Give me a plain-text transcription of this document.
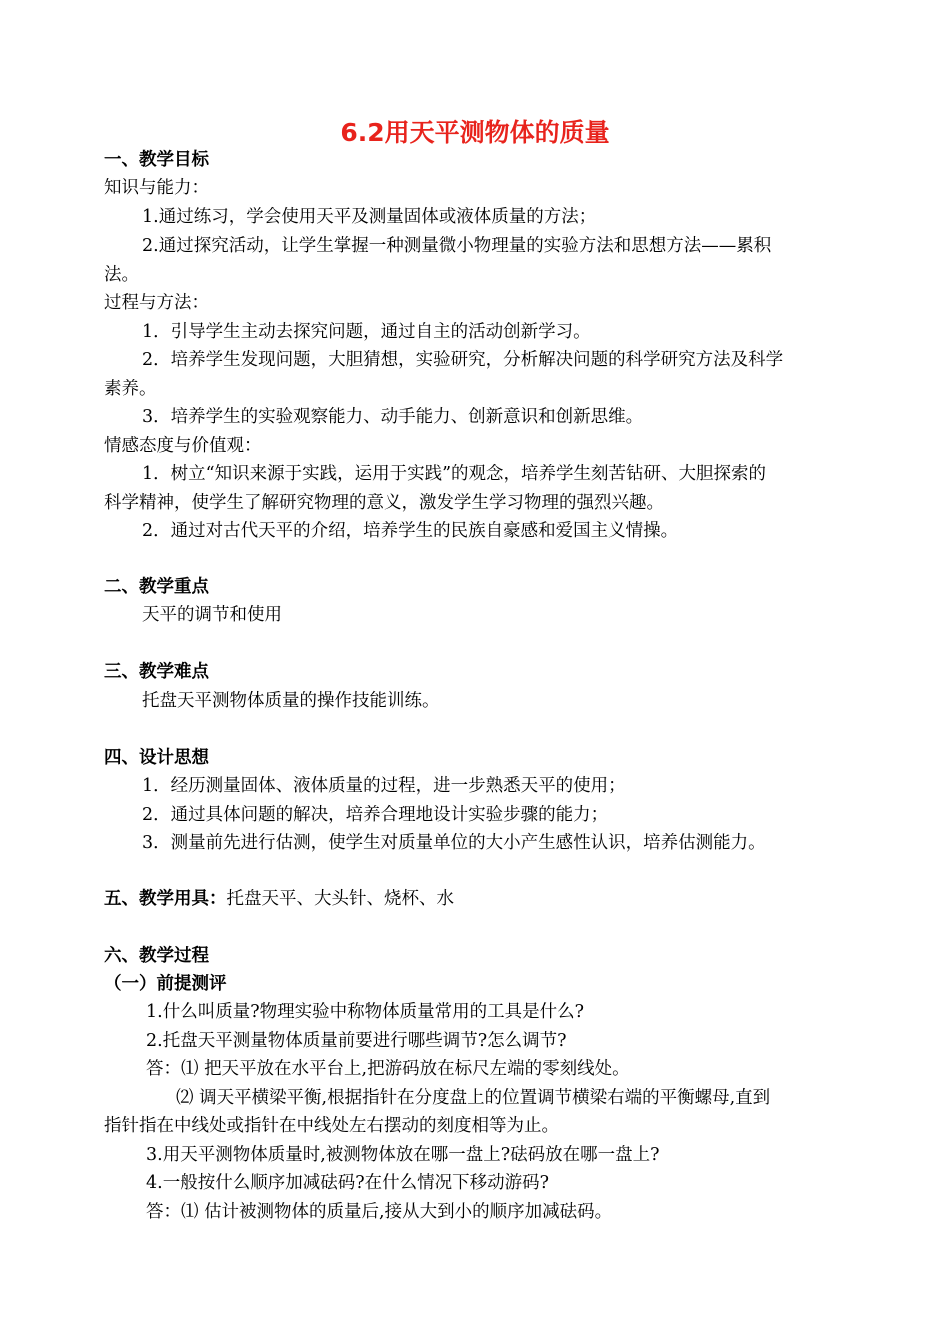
6.2用天平测物体的质量
一、教学目标
知识与能力：
1.通过练习，学会使用天平及测量固体或液体质量的方法；
2.通过探究活动，让学生掌握一种测量微小物理量的实验方法和思想方法——累积
法。
过程与方法：
1．引导学生主动去探究问题，通过自主的活动创新学习。
2．培养学生发现问题，大胆猜想，实验研究，分析解决问题的科学研究方法及科学
素养。
3．培养学生的实验观察能力、动手能力、创新意识和创新思维。
情感态度与价值观：
1．树立“知识来源于实践，运用于实践”的观念，培养学生刻苦钻研、大胆探索的
科学精神，使学生了解研究物理的意义，激发学生学习物理的强烈兴趣。
2．通过对古代天平的介绍，培养学生的民族自豪感和爱国主义情操。
二、教学重点
天平的调节和使用
三、教学难点
托盘天平测物体质量的操作技能训练。
四、设计思想
1．经历测量固体、液体质量的过程，进一步熟悉天平的使用；
2．通过具体问题的解决，培养合理地设计实验步骤的能力；
3．测量前先进行估测，使学生对质量单位的大小产生感性认识，培养估测能力。
五、教学用具：托盘天平、大头针、烧杯、水
六、教学过程
（一）前提测评
1.什么叫质量?物理实验中称物体质量常用的工具是什么?
2.托盘天平测量物体质量前要进行哪些调节?怎么调节?
答：⑴ 把天平放在水平台上,把游码放在标尺左端的零刻线处。
⑵ 调天平横梁平衡,根据指针在分度盘上的位置调节横梁右端的平衡螺母,直到
指针指在中线处或指针在中线处左右摆动的刻度相等为止。
3.用天平测物体质量时,被测物体放在哪一盘上?砝码放在哪一盘上?
4.一般按什么顺序加减砝码?在什么情况下移动游码?
答：⑴ 估计被测物体的质量后,接从大到小的顺序加减砝码。
